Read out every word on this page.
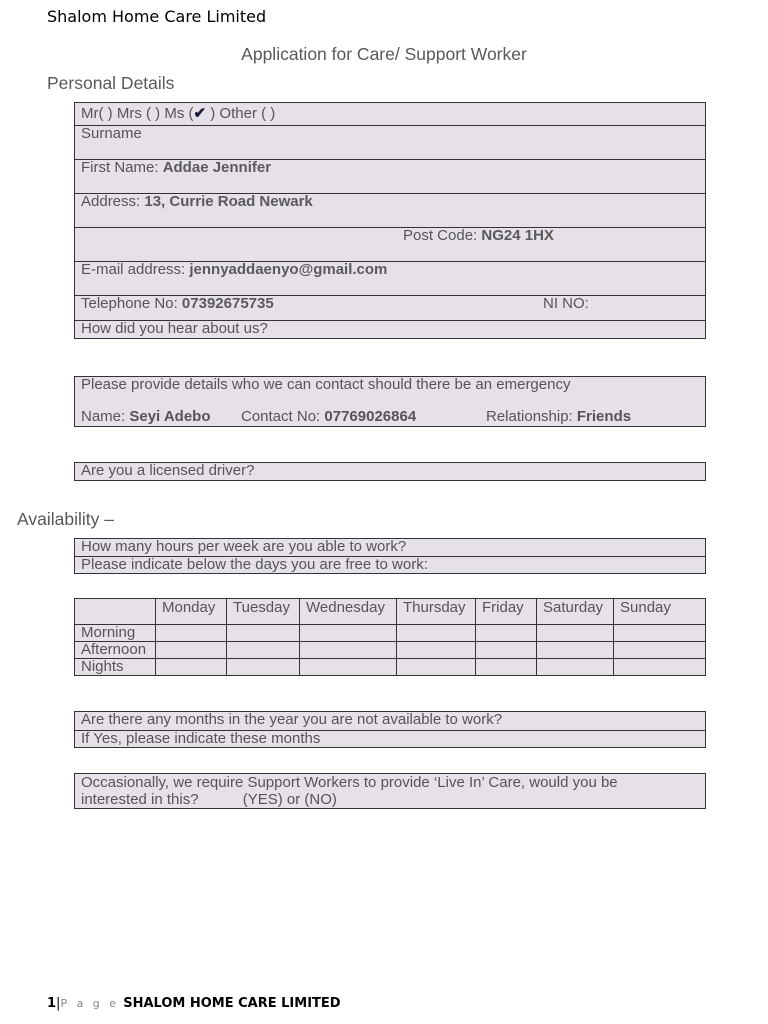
Shalom Home Care Limited
Application for Care/ Support Worker
Personal Details
Mr( ) Mrs ( ) Ms (✔ ) Other ( )
Surname
First Name: Addae Jennifer
Address: 13, Currie Road Newark
Post Code: NG24 1HX
E-mail address: jennyaddaenyo@gmail.com
Telephone No: 07392675735	NI NO:
How did you hear about us?
Please provide details who we can contact should there be an emergency
Name: Seyi Adebo Contact No: 07769026864	Relationship: Friends
Are you a licensed driver?
Availability –
How many hours per week are you able to work?
Please indicate below the days you are free to work:
	Monday	Tuesday	Wednesday	Thursday	Friday	Saturday	Sunday
Morning							
Afternoon							
Nights							
Are there any months in the year you are not available to work?
If Yes, please indicate these months
Occasionally, we require Support Workers to provide ‘Live In’ Care, would you be
interested in this?	(YES) or (NO)
1|P a g e SHALOM HOME CARE LIMITED
